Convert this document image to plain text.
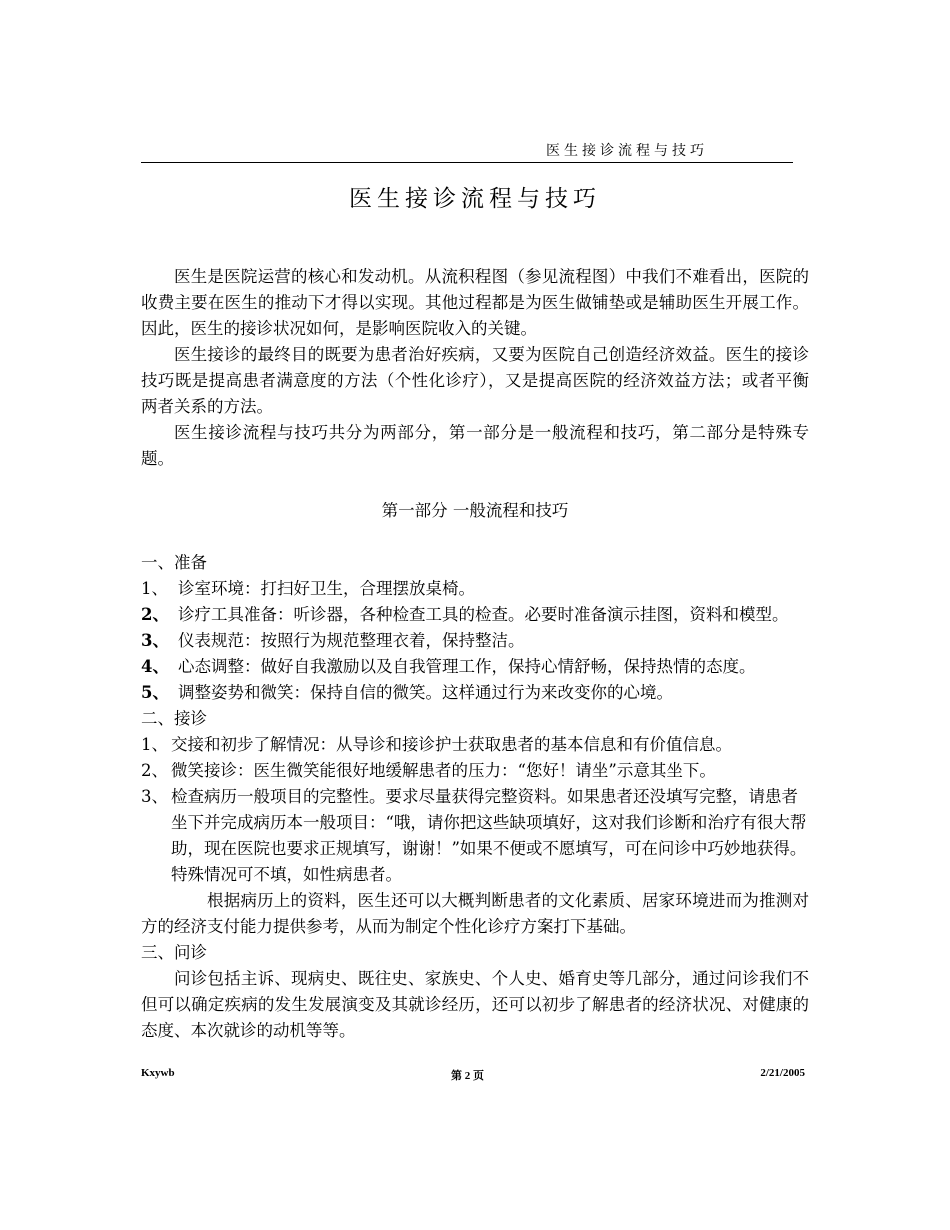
医生接诊流程与技巧
医生接诊流程与技巧

医生是医院运营的核心和发动机。从流积程图（参见流程图）中我们不难看出，医院的收费主要在医生的推动下才得以实现。其他过程都是为医生做铺垫或是辅助医生开展工作。因此，医生的接诊状况如何，是影响医院收入的关键。

医生接诊的最终目的既要为患者治好疾病，又要为医院自己创造经济效益。医生的接诊技巧既是提高患者满意度的方法（个性化诊疗），又是提高医院的经济效益方法；或者平衡两者关系的方法。

医生接诊流程与技巧共分为两部分，第一部分是一般流程和技巧，第二部分是特殊专题。

第一部分 一般流程和技巧

一、准备

1、 诊室环境：打扫好卫生，合理摆放桌椅。
2、 诊疗工具准备：听诊器，各种检查工具的检查。必要时准备演示挂图，资料和模型。
3、 仪表规范：按照行为规范整理衣着，保持整洁。
4、 心态调整：做好自我激励以及自我管理工作，保持心情舒畅，保持热情的态度。
5、 调整姿势和微笑：保持自信的微笑。这样通过行为来改变你的心境。

二、接诊

1、 交接和初步了解情况：从导诊和接诊护士获取患者的基本信息和有价值信息。
2、 微笑接诊：医生微笑能很好地缓解患者的压力：“您好！请坐”示意其坐下。
3、 检查病历一般项目的完整性。要求尽量获得完整资料。如果患者还没填写完整，请患者坐下并完成病历本一般项目：“哦，请你把这些缺项填好，这对我们诊断和治疗有很大帮助，现在医院也要求正规填写，谢谢！”如果不便或不愿填写，可在问诊中巧妙地获得。特殊情况可不填，如性病患者。

根据病历上的资料，医生还可以大概判断患者的文化素质、居家环境进而为推测对方的经济支付能力提供参考，从而为制定个性化诊疗方案打下基础。

三、问诊

问诊包括主诉、现病史、既往史、家族史、个人史、婚育史等几部分，通过问诊我们不但可以确定疾病的发生发展演变及其就诊经历，还可以初步了解患者的经济状况、对健康的态度、本次就诊的动机等等。

Kxywb	第 2 页	2/21/2005
